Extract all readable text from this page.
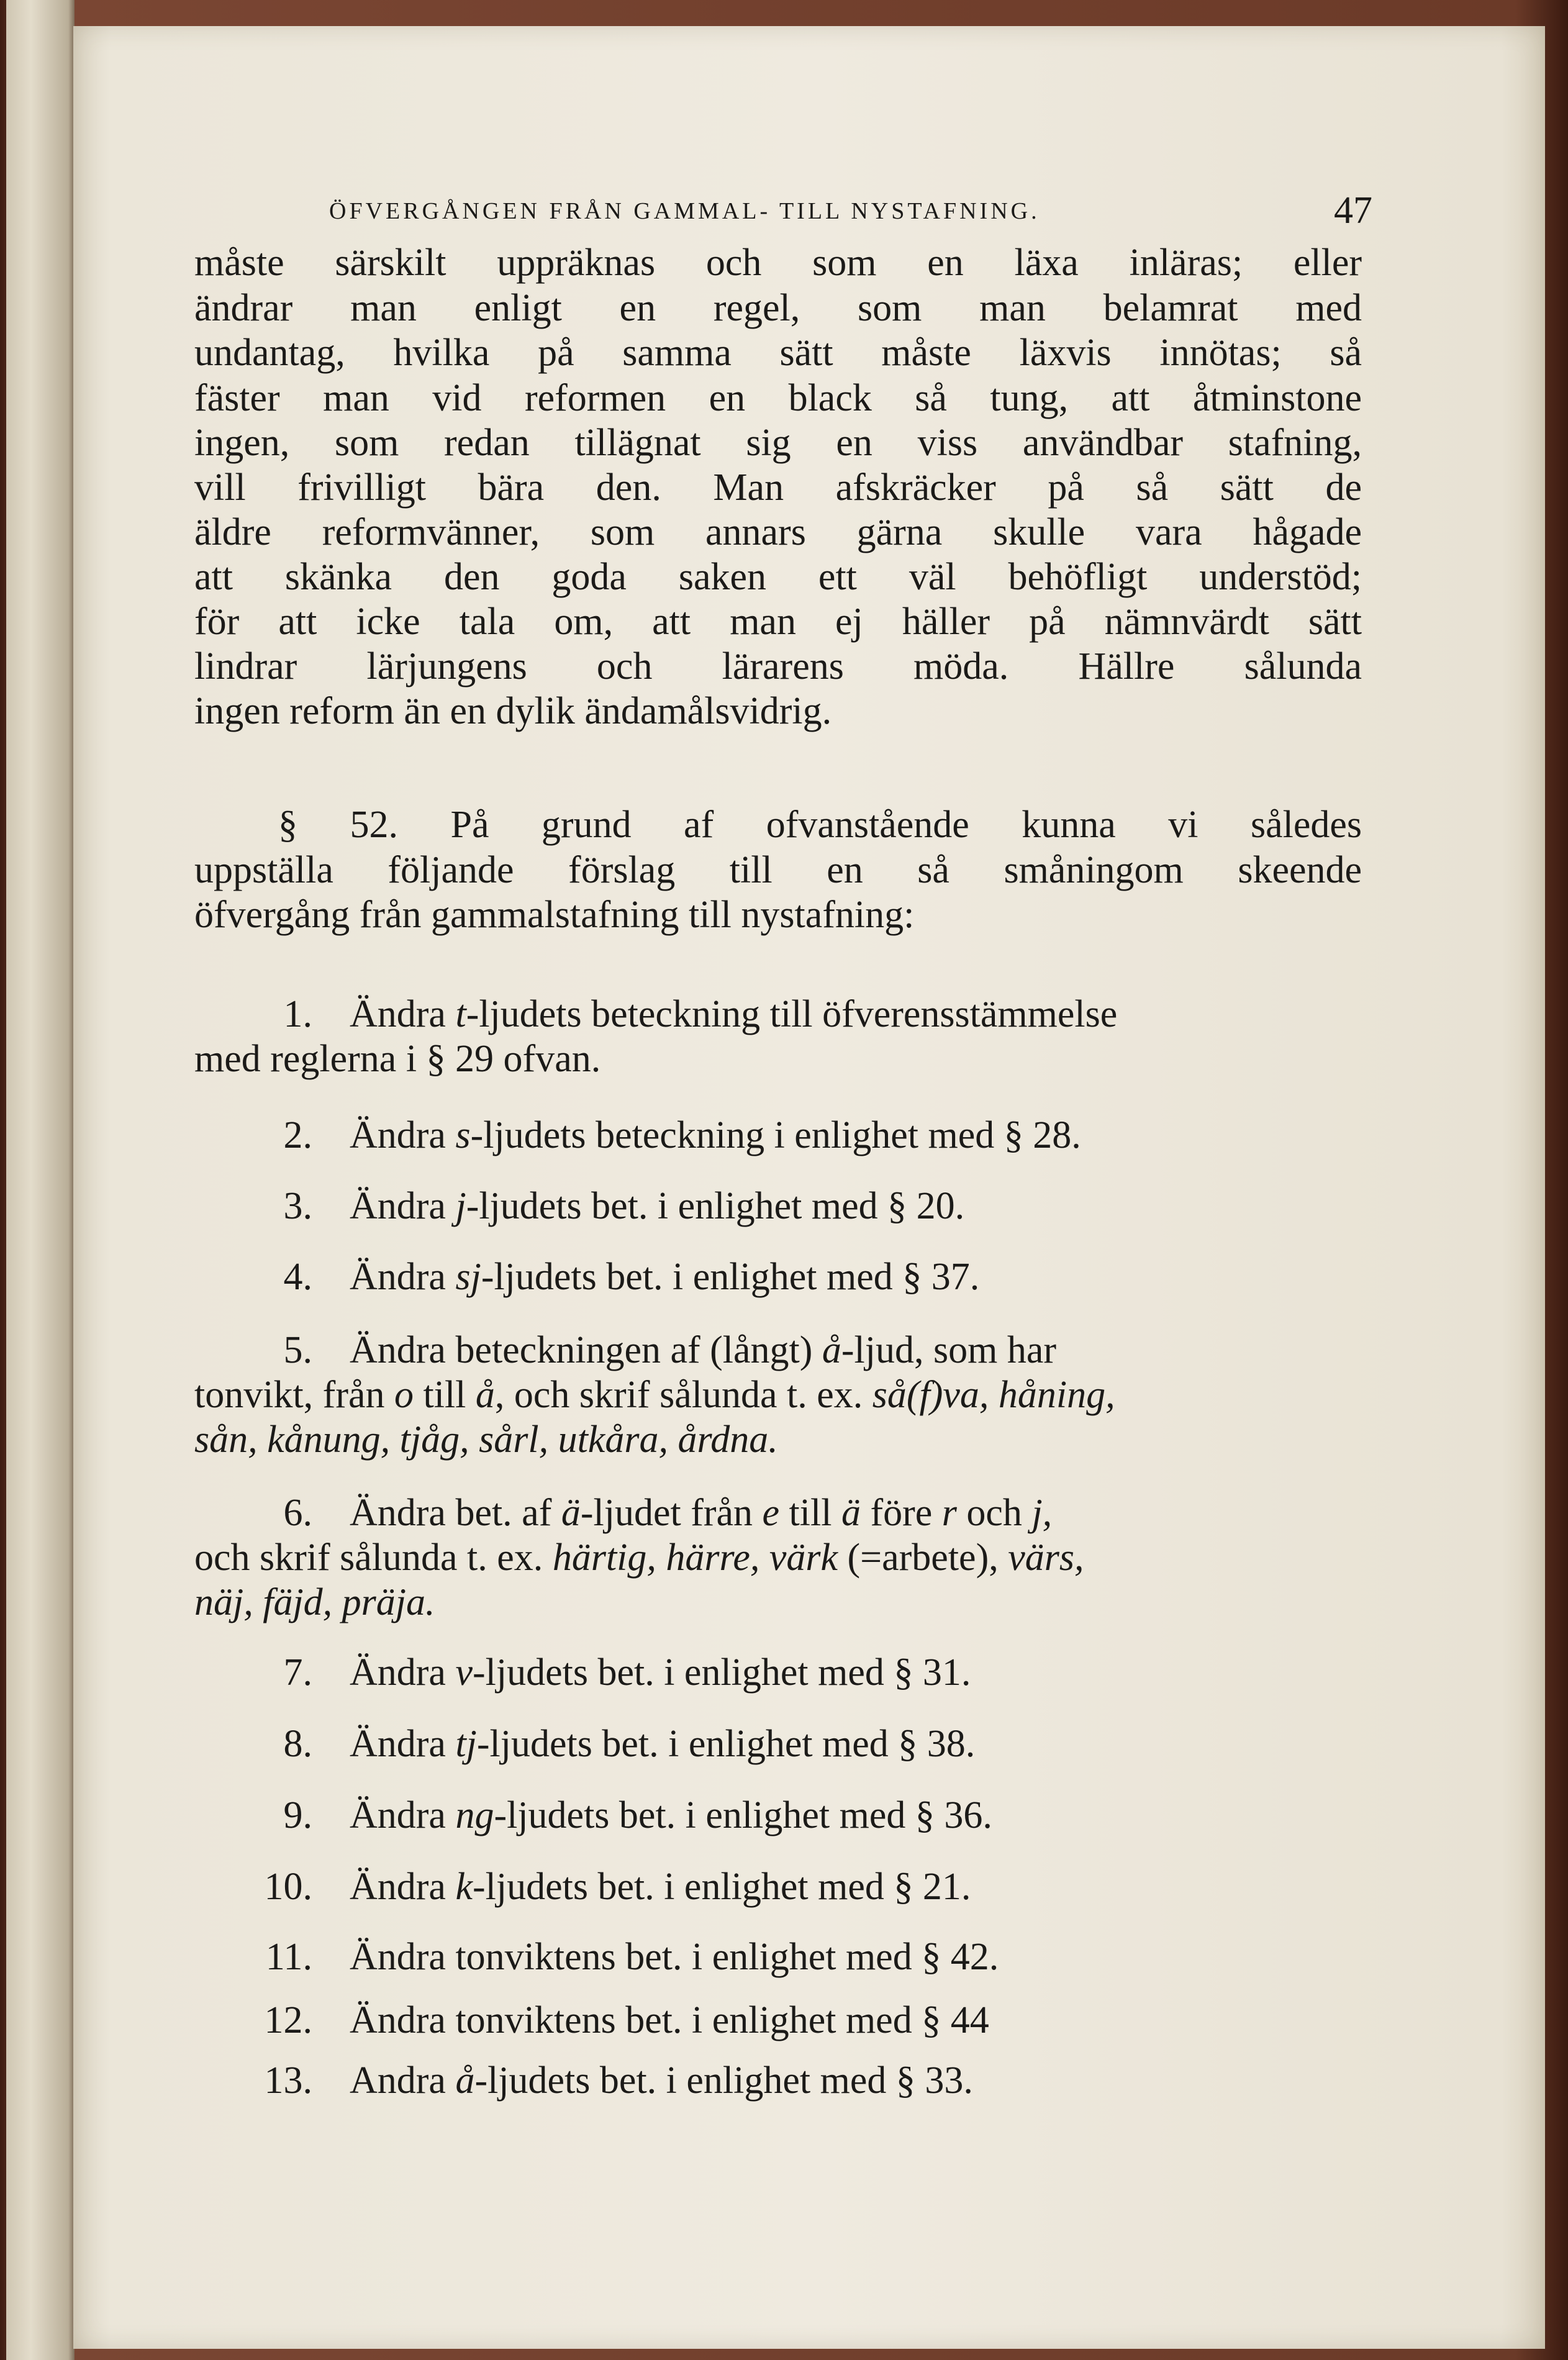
ÖFVERGÅNGEN FRÅN GAMMAL- TILL NYSTAFNING.	47
måste särskilt uppräknas och som en läxa inläras; eller
ändrar man enligt en regel, som man belamrat med
undantag, hvilka på samma sätt måste läxvis innötas; så
fäster man vid reformen en black så tung, att åtminstone
ingen, som redan tillägnat sig en viss användbar stafning,
vill frivilligt bära den. Man afskräcker på så sätt de
äldre reformvänner, som annars gärna skulle vara hågade
att skänka den goda saken ett väl behöfligt understöd;
för att icke tala om, att man ej häller på nämnvärdt sätt
lindrar lärjungens och lärarens möda. Hällre sålunda
ingen reform än en dylik ändamålsvidrig.
§ 52. På grund af ofvanstående kunna vi således
uppställa följande förslag till en så småningom skeende
öfvergång från gammalstafning till nystafning:
1. Ändra t-ljudets beteckning till öfverensstämmelse
med reglerna i § 29 ofvan.
2. Ändra s-ljudets beteckning i enlighet med § 28.
3. Ändra j-ljudets bet. i enlighet med § 20.
4. Ändra sj-ljudets bet. i enlighet med § 37.
5. Ändra beteckningen af (långt) å-ljud, som har
tonvikt, från o till å, och skrif sålunda t. ex. så(f)va, håning,
sån, kånung, tjåg, sårl, utkåra, årdna.
6. Ändra bet. af ä-ljudet från e till ä före r och j,
och skrif sålunda t. ex. härtig, härre, värk (=arbete), värs,
näj, fäjd, präja.
7. Ändra v-ljudets bet. i enlighet med § 31.
8. Ändra tj-ljudets bet. i enlighet med § 38.
9. Ändra ng-ljudets bet. i enlighet med § 36.
10. Ändra k-ljudets bet. i enlighet med § 21.
11. Ändra tonviktens bet. i enlighet med § 42.
12. Ändra tonviktens bet. i enlighet med § 44
13. Andra å-ljudets bet. i enlighet med § 33.
